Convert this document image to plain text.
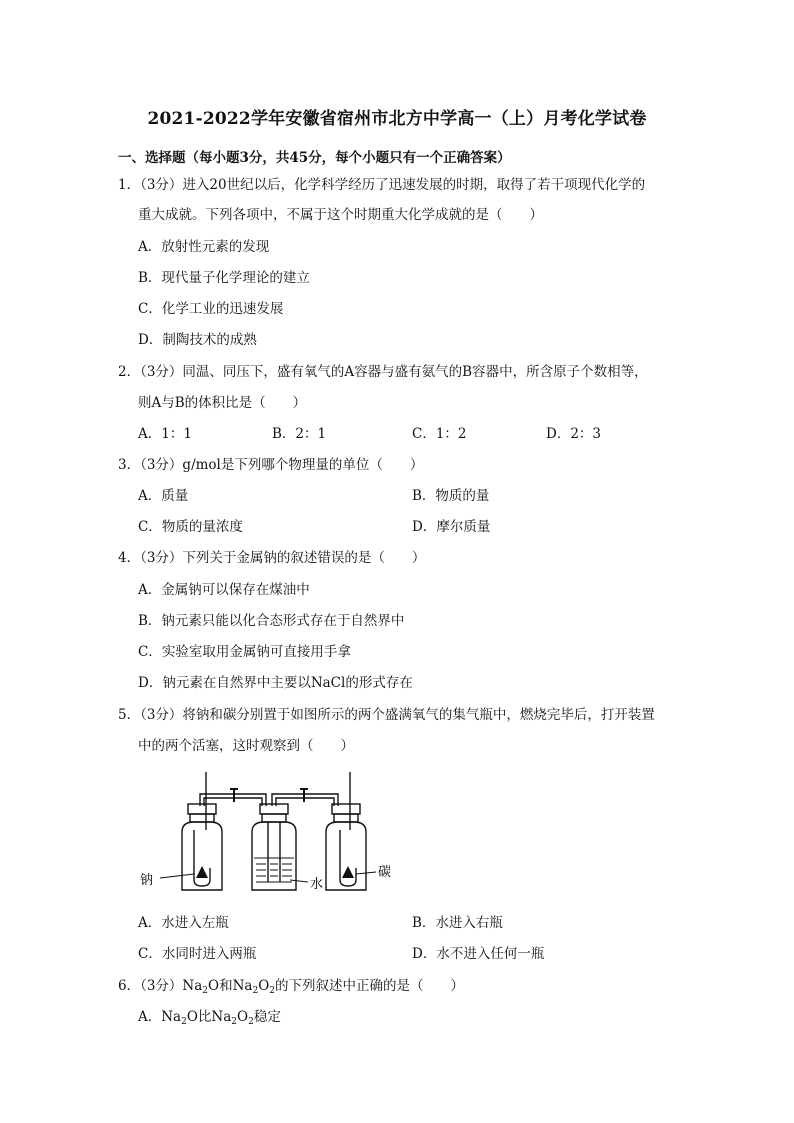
2021-2022学年安徽省宿州市北方中学高一（上）月考化学试卷
一、选择题（每小题3分，共45分，每个小题只有一个正确答案）
1．（3分）进入20世纪以后，化学科学经历了迅速发展的时期，取得了若干项现代化学的
重大成就。下列各项中，不属于这个时期重大化学成就的是（　　）
A．放射性元素的发现
B．现代量子化学理论的建立
C．化学工业的迅速发展
D．制陶技术的成熟
2．（3分）同温、同压下，盛有氧气的A容器与盛有氨气的B容器中，所含原子个数相等，
则A与B的体积比是（　　）
A．1：1	B．2：1	C．1：2	D．2：3
3．（3分）g/mol是下列哪个物理量的单位（　　）
A．质量	B．物质的量
C．物质的量浓度	D．摩尔质量
4．（3分）下列关于金属钠的叙述错误的是（　　）
A．金属钠可以保存在煤油中
B．钠元素只能以化合态形式存在于自然界中
C．实验室取用金属钠可直接用手拿
D．钠元素在自然界中主要以NaCl的形式存在
5．（3分）将钠和碳分别置于如图所示的两个盛满氧气的集气瓶中，燃烧完毕后，打开装置
中的两个活塞，这时观察到（　　）
钠	水
碳
A．水进入左瓶	B．水进入右瓶
C．水同时进入两瓶	D．水不进入任何一瓶
6．（3分）$Na_2O$和$Na_2O_2$的下列叙述中正确的是（　　）
A．$Na_2O$比$Na_2O_2$稳定
